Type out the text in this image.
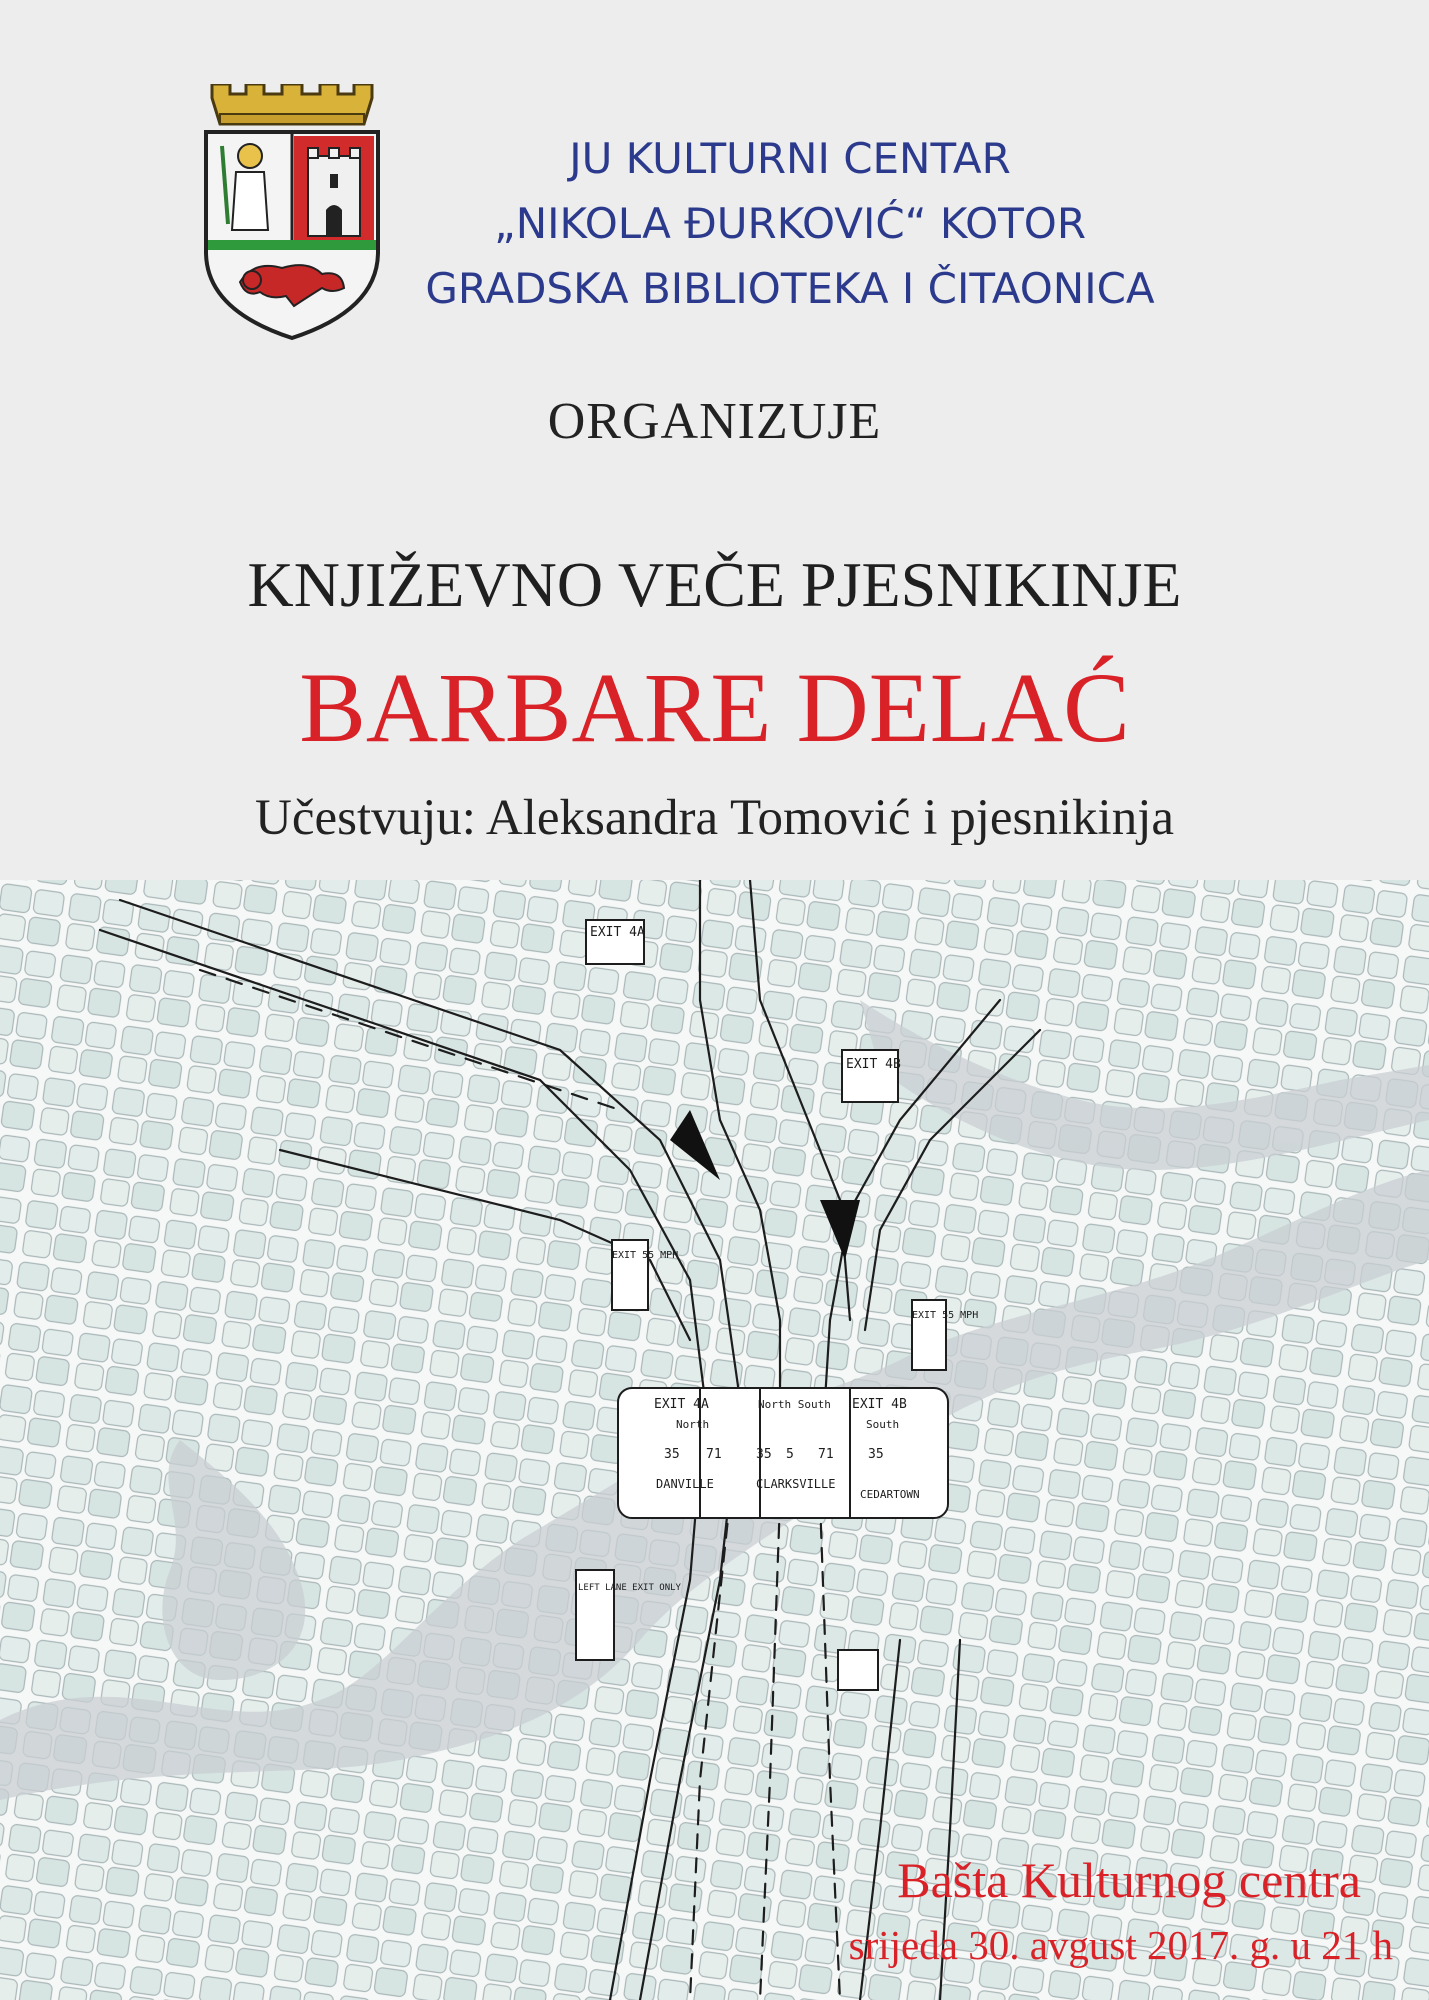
JU KULTURNI CENTAR
„NIKOLA ĐURKOVIĆ“ KOTOR
GRADSKA BIBLIOTEKA I ČITAONICA
ORGANIZUJE
KNJIŽEVNO VEČE PJESNIKINJE
BARBARE DELAĆ
Učestvuju: Aleksandra Tomović i pjesnikinja
EXIT 4A
EXIT 4B
EXIT 55 MPH
EXIT 55 MPH
EXIT 4A
North
North South EXIT 4B
South
35 71	35 5 71	35
DANVILLE	CLARKSVILLE
CEDARTOWN
LEFT LANE EXIT ONLY
Bašta Kulturnog centra
srijeda 30. avgust 2017. g. u 21 h
